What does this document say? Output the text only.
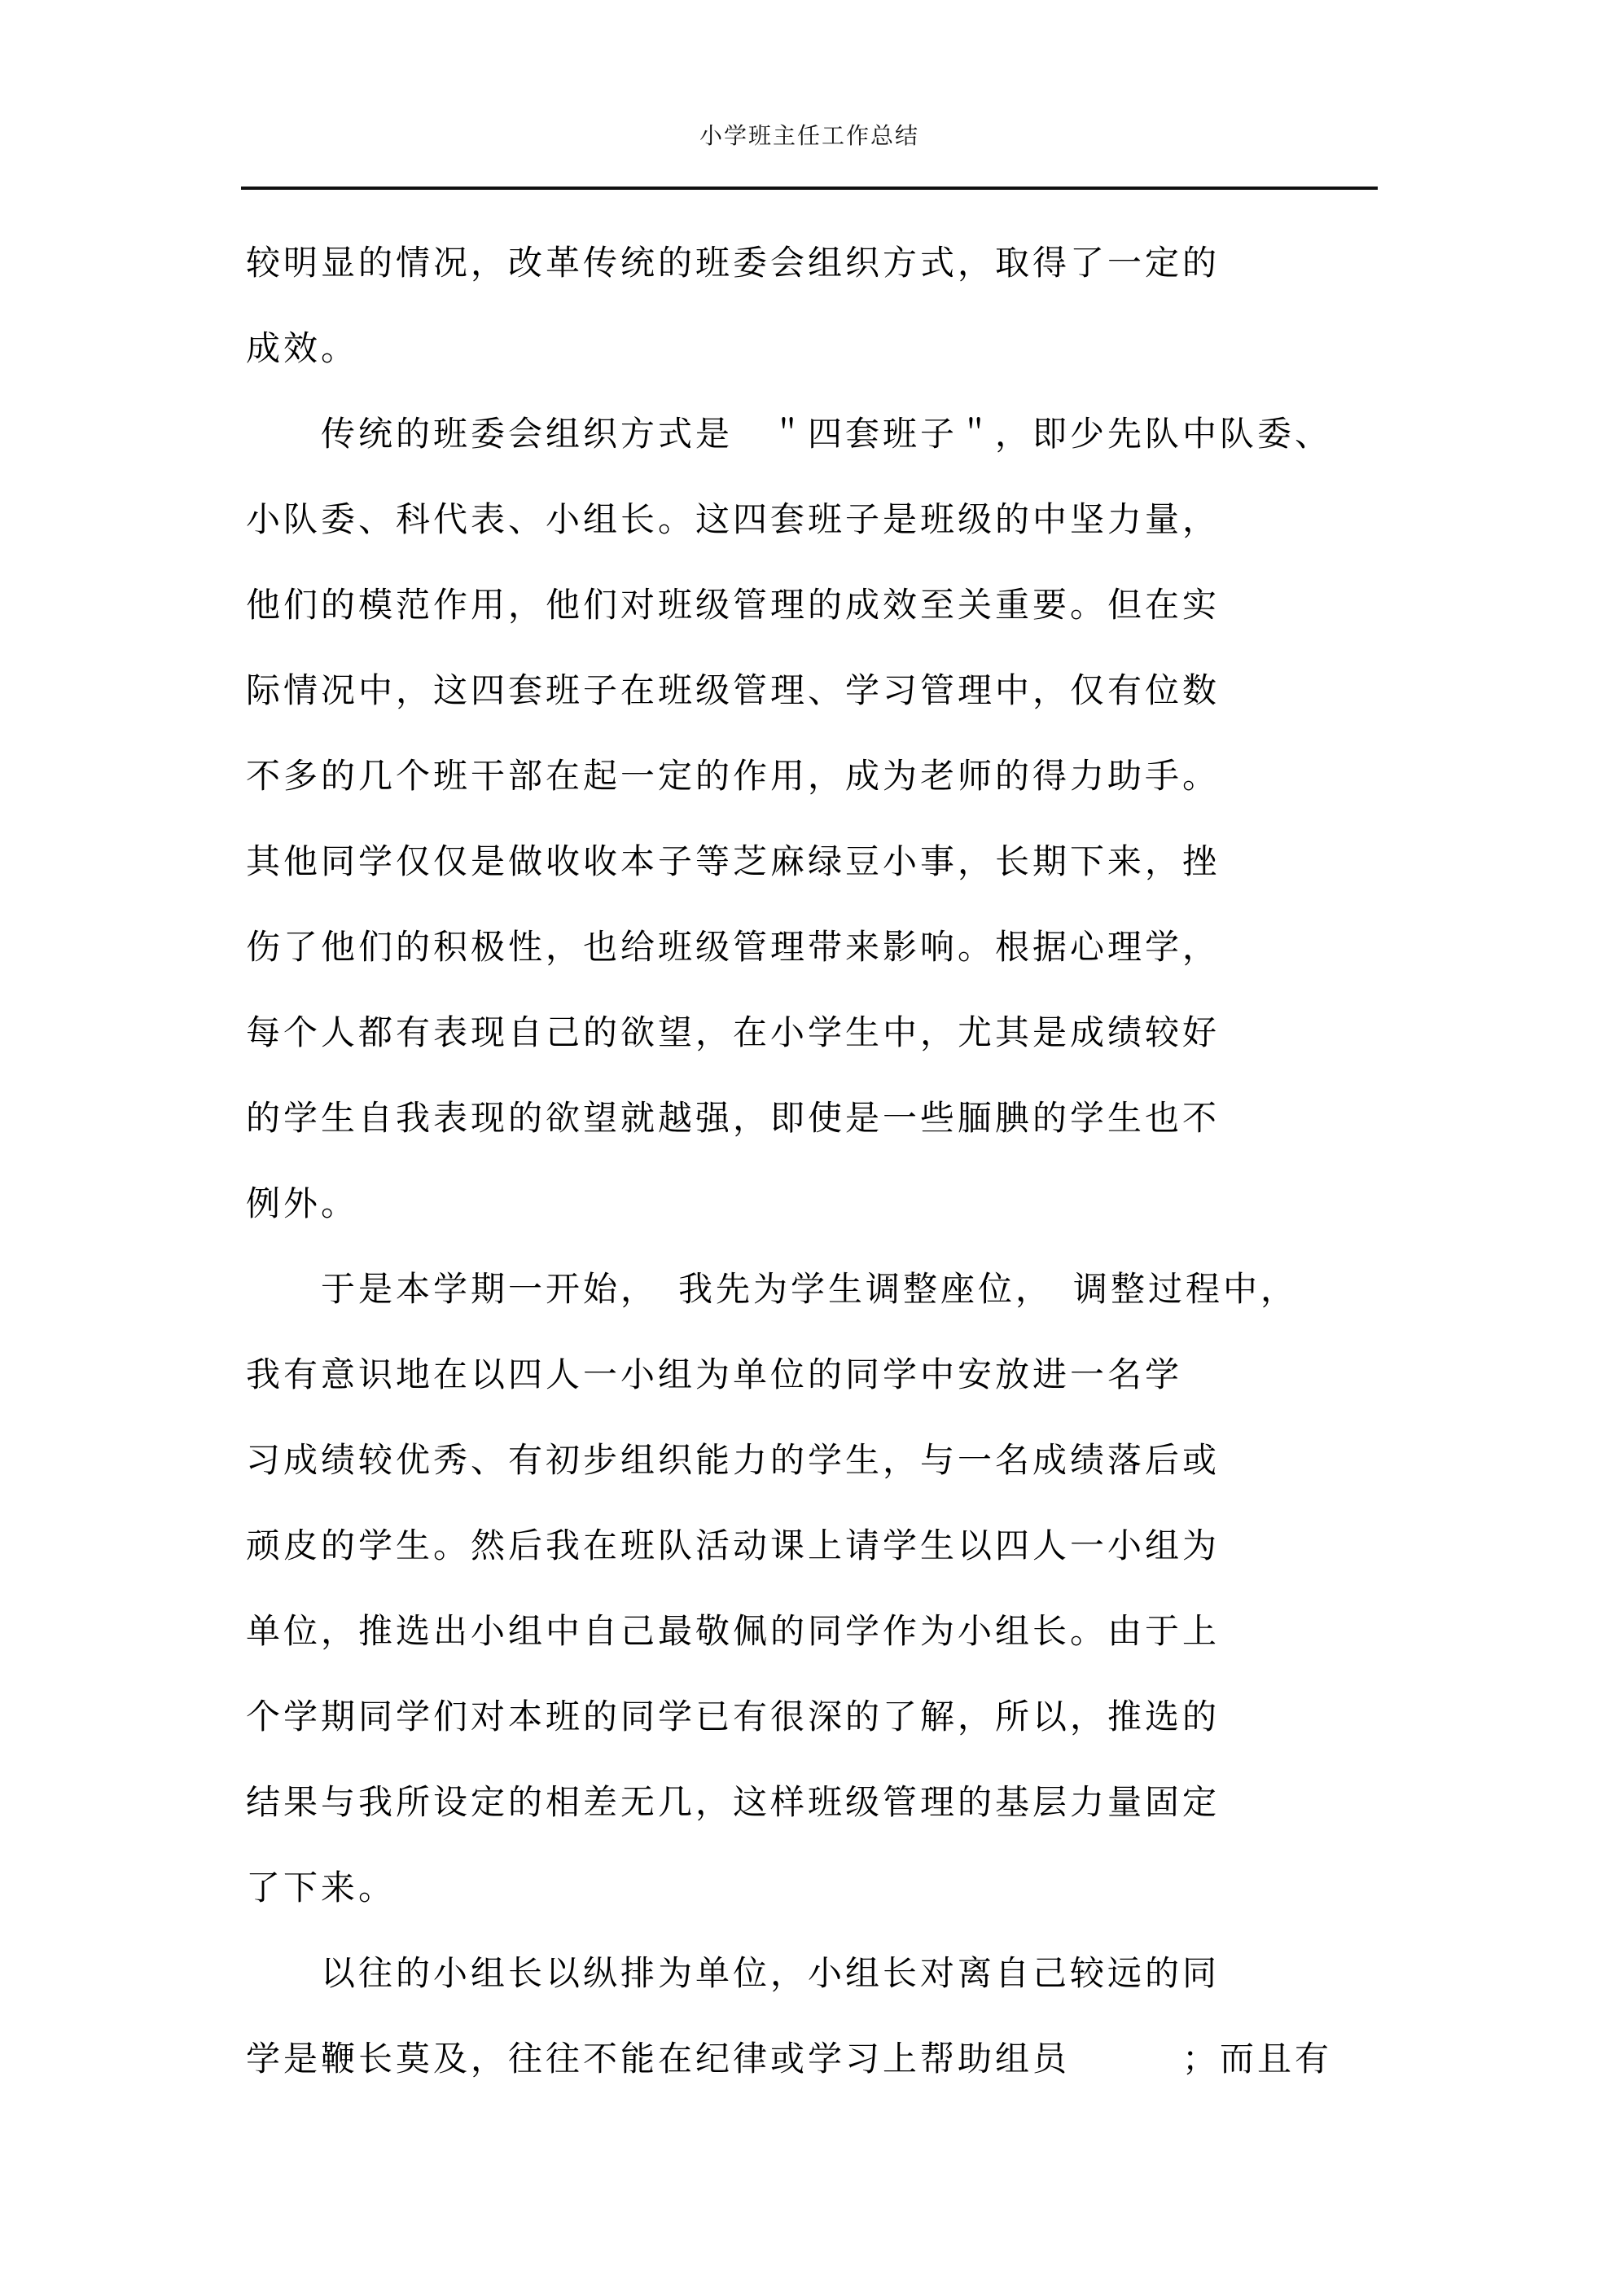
小学班主任工作总结
较明显的情况，改革传统的班委会组织方式，取得了一定的
成效。
传统的班委会组织方式是　＂四套班子＂，即少先队中队委、
小队委、科代表、小组长。这四套班子是班级的中坚力量，
他们的模范作用，他们对班级管理的成效至关重要。但在实
际情况中，这四套班子在班级管理、学习管理中，仅有位数
不多的几个班干部在起一定的作用，成为老师的得力助手。
其他同学仅仅是做收收本子等芝麻绿豆小事，长期下来，挫
伤了他们的积极性，也给班级管理带来影响。根据心理学，
每个人都有表现自己的欲望，在小学生中，尤其是成绩较好
的学生自我表现的欲望就越强，即使是一些腼腆的学生也不
例外。
于是本学期一开始，　我先为学生调整座位，　调整过程中，
我有意识地在以四人一小组为单位的同学中安放进一名学
习成绩较优秀、有初步组织能力的学生，与一名成绩落后或
顽皮的学生。然后我在班队活动课上请学生以四人一小组为
单位，推选出小组中自己最敬佩的同学作为小组长。由于上
个学期同学们对本班的同学已有很深的了解，所以，推选的
结果与我所设定的相差无几，这样班级管理的基层力量固定
了下来。
以往的小组长以纵排为单位，小组长对离自己较远的同
学是鞭长莫及，往往不能在纪律或学习上帮助组员　　　；而且有
